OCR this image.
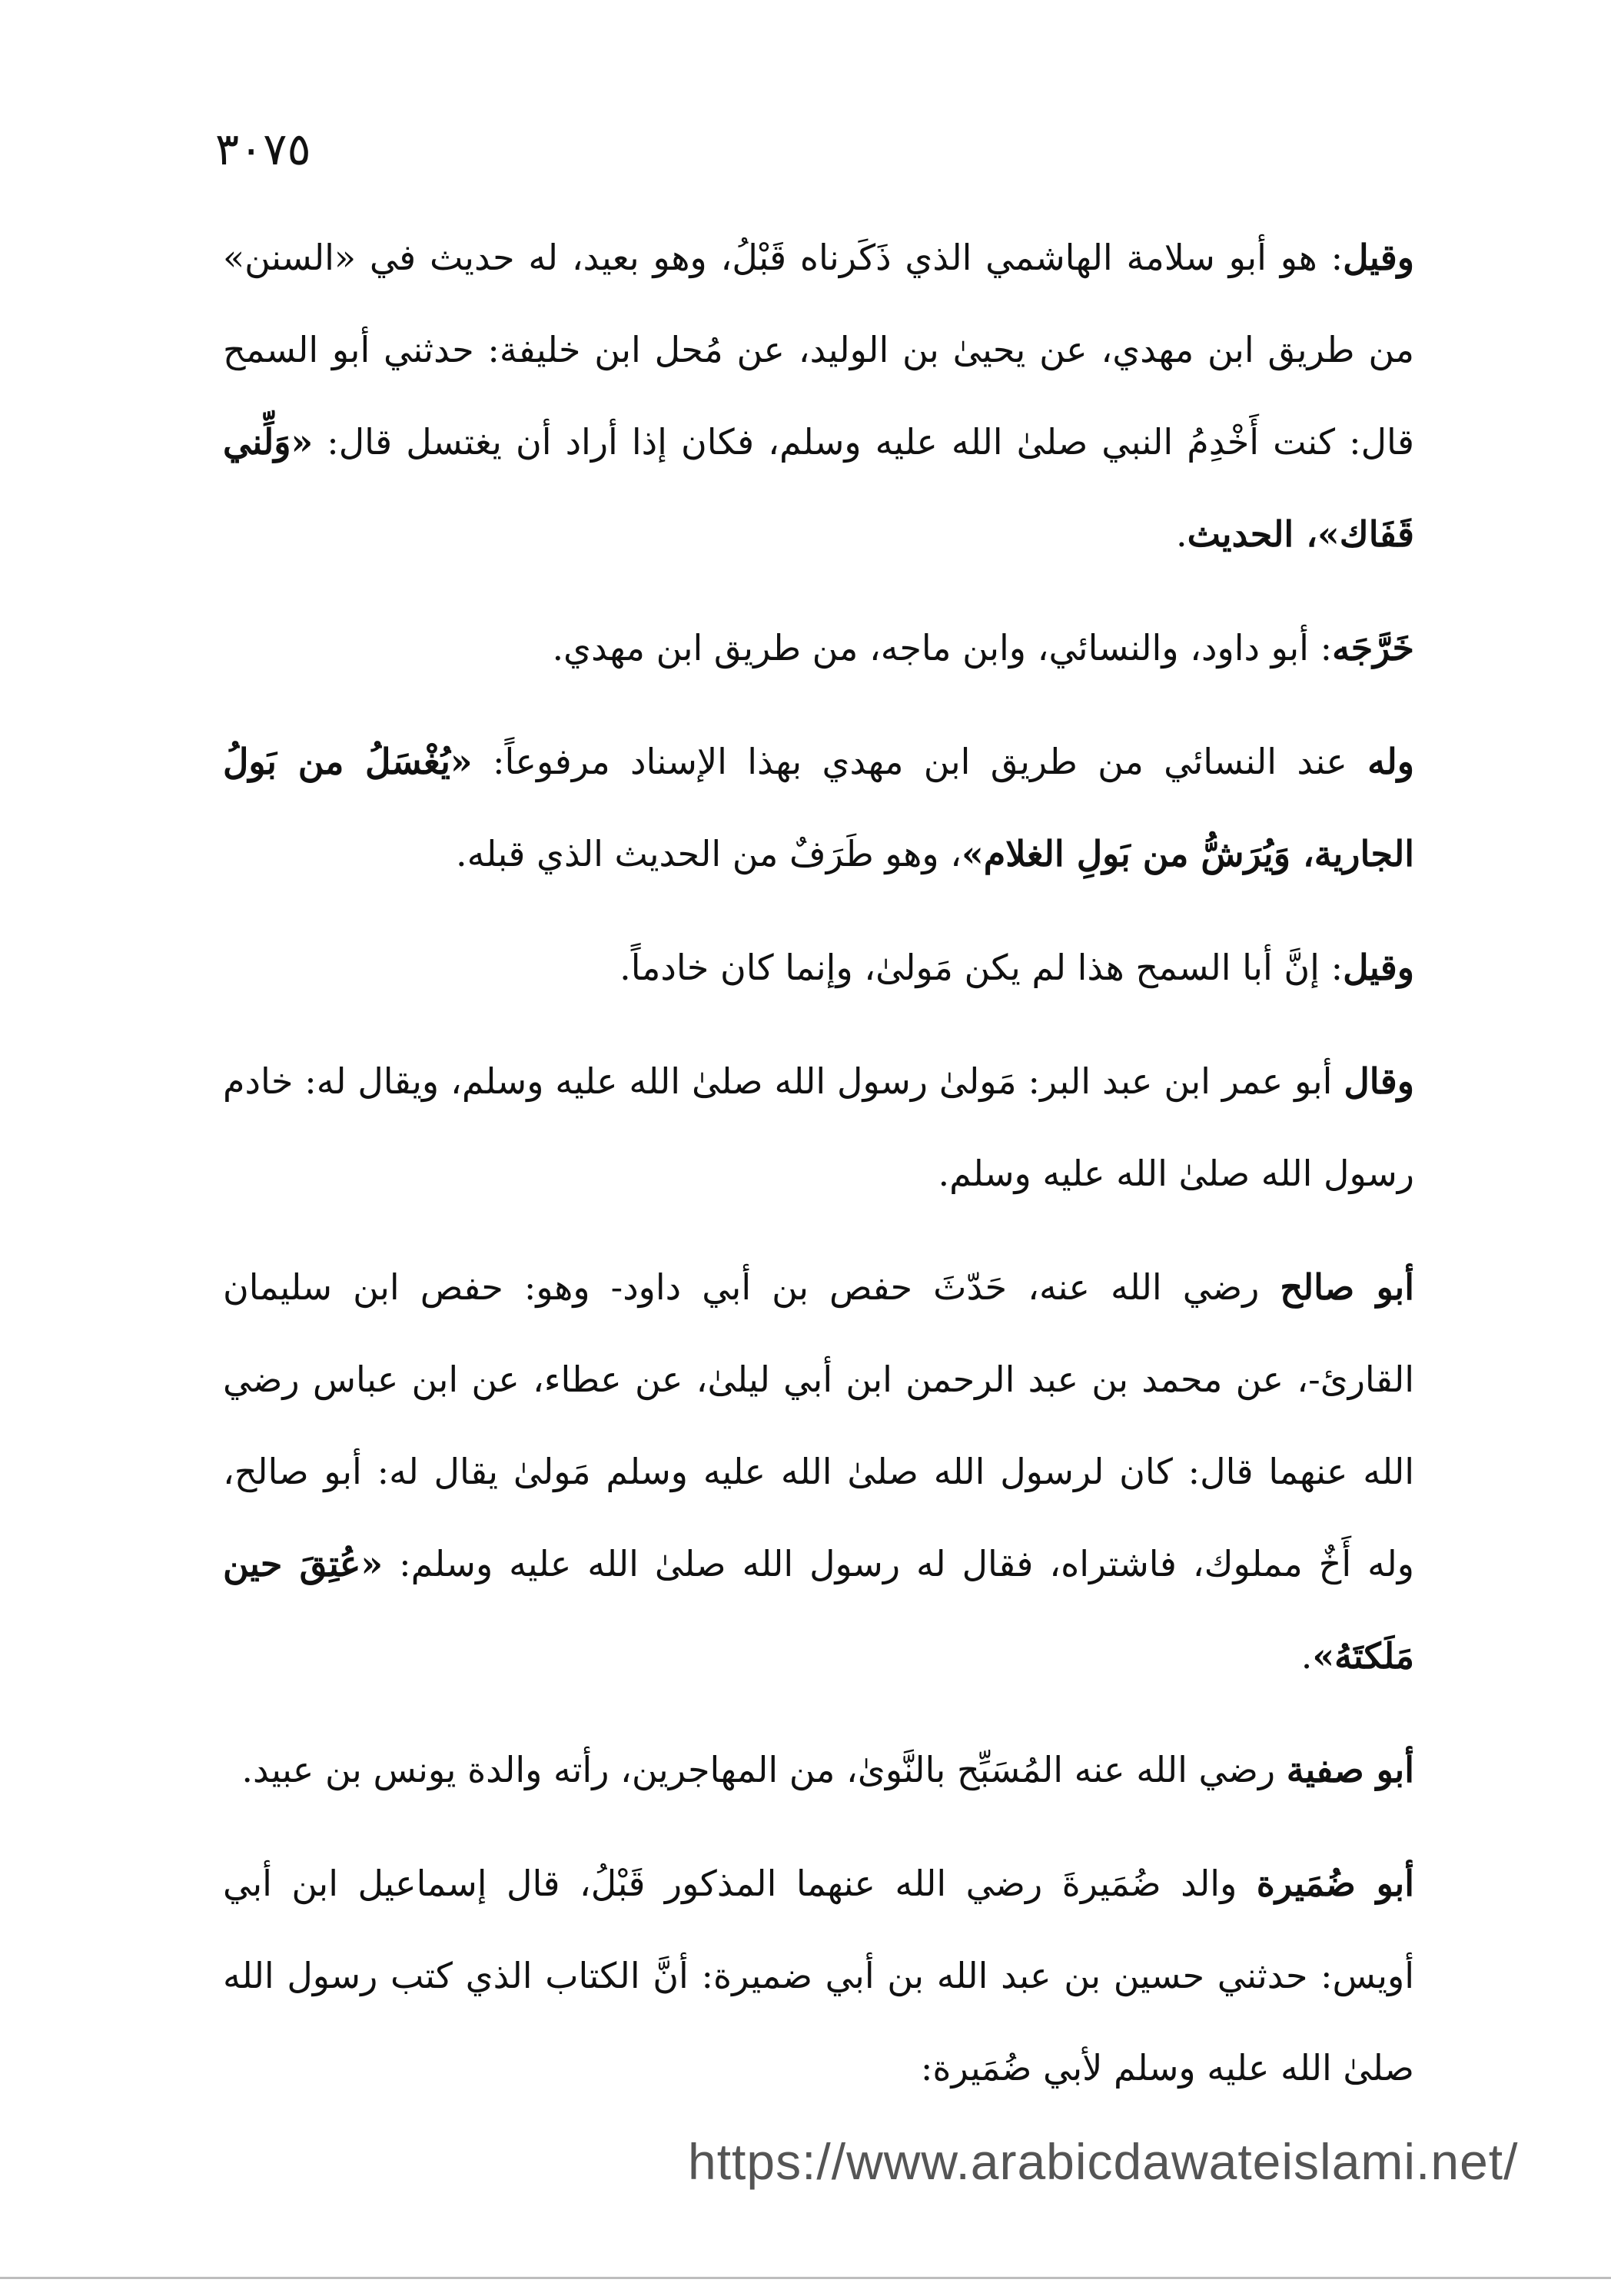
٣٠٧٥

وقيل: هو أبو سلامة الهاشمي الذي ذَكَرناه قَبْلُ، وهو بعيد، له حديث في «السنن» من طريق ابن مهدي، عن يحيىٰ بن الوليد، عن مُحل ابن خليفة: حدثني أبو السمح قال: كنت أَخْدِمُ النبي صلىٰ الله عليه وسلم، فكان إذا أراد أن يغتسل قال: «وَلِّني قَفَاك»، الحديث.

خَرَّجَه: أبو داود، والنسائي، وابن ماجه، من طريق ابن مهدي.

وله عند النسائي من طريق ابن مهدي بهذا الإسناد مرفوعاً: «يُغْسَلُ من بَولُ الجارية، وَيُرَشُّ من بَولِ الغلام»، وهو طَرَفٌ من الحديث الذي قبله.

وقيل: إنَّ أبا السمح هذا لم يكن مَولىٰ، وإنما كان خادماً.

وقال أبو عمر ابن عبد البر: مَولىٰ رسول الله صلىٰ الله عليه وسلم، ويقال له: خادم رسول الله صلىٰ الله عليه وسلم.

أبو صالح رضي الله عنه، حَدّثَ حفص بن أبي داود- وهو: حفص ابن سليمان القارئ-، عن محمد بن عبد الرحمن ابن أبي ليلىٰ، عن عطاء، عن ابن عباس رضي الله عنهما قال: كان لرسول الله صلىٰ الله عليه وسلم مَولىٰ يقال له: أبو صالح، وله أَخٌ مملوك، فاشتراه، فقال له رسول الله صلىٰ الله عليه وسلم: «عُتِقَ حين مَلَكتَهُ».

أبو صفية رضي الله عنه المُسَبِّح بالنَّوىٰ، من المهاجرين، رأته والدة يونس بن عبيد.

أبو ضُمَيرة والد ضُمَيرةَ رضي الله عنهما المذكور قَبْلُ، قال إسماعيل ابن أبي أويس: حدثني حسين بن عبد الله بن أبي ضميرة: أنَّ الكتاب الذي كتب رسول الله صلىٰ الله عليه وسلم لأبي ضُمَيرة:

https://www.arabicdawateislami.net/
